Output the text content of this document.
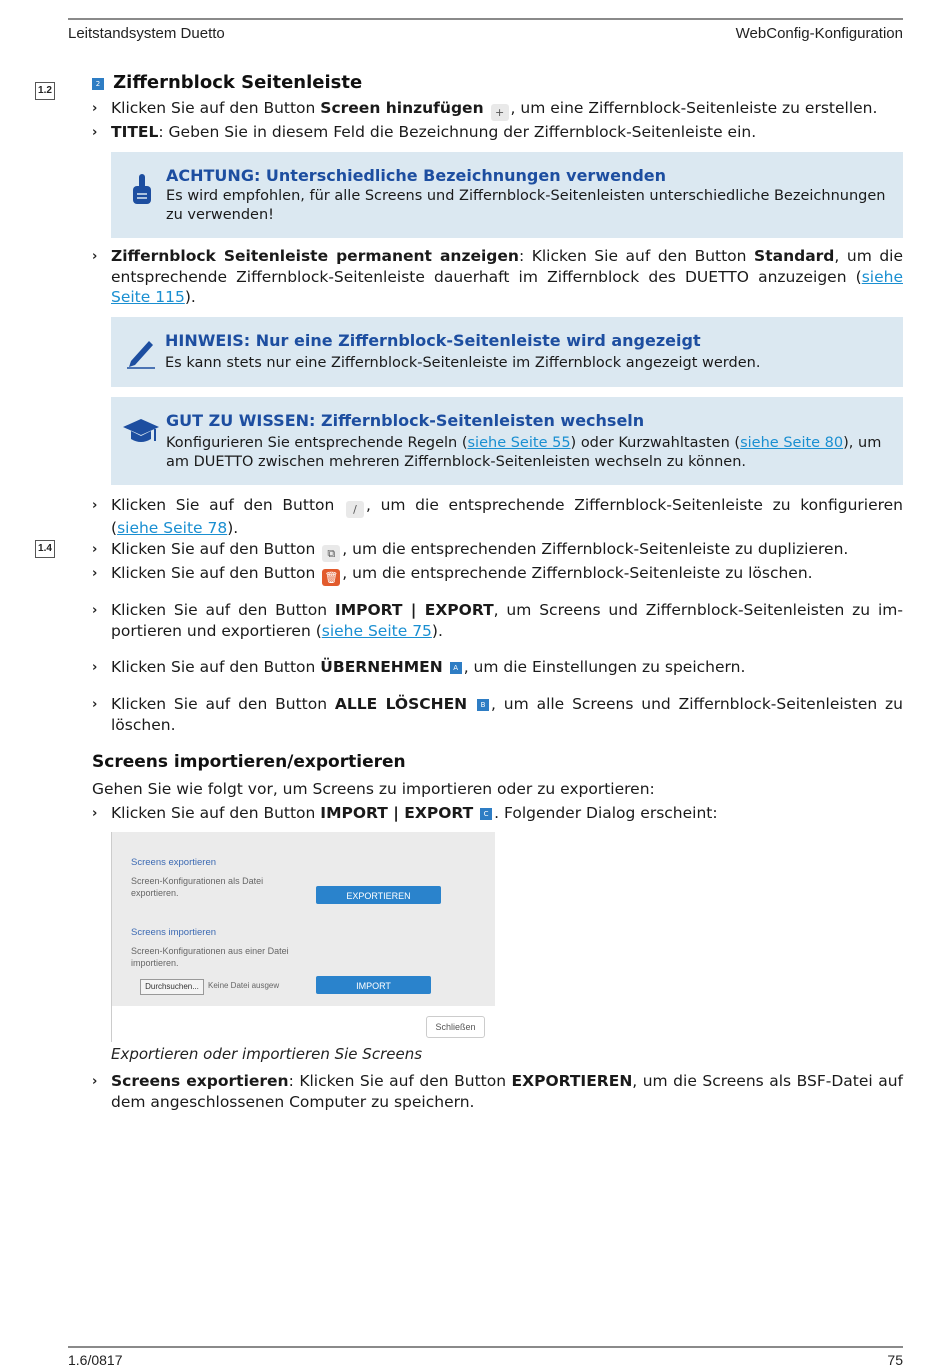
Leitstandsystem Duetto	WebConfig-Konfiguration
1.2
1.4
2 Ziffernblock Seitenleiste
› Klicken Sie auf den Button Screen hinzufügen + , um eine Ziffernblock-Seitenleiste zu erstellen.
› TITEL: Geben Sie in diesem Feld die Bezeichnung der Ziffernblock-Seitenleiste ein.
ACHTUNG: Unterschiedliche Bezeichnungen verwenden
Es wird empfohlen, für alle Screens und Ziffernblock-Seitenleisten unterschiedliche Bezeichnungen zu verwenden!
› Ziffernblock Seitenleiste permanent anzeigen: Klicken Sie auf den Button Standard, um die entsprechende Ziffernblock-Seitenleiste dauerhaft im Ziffernblock des DUETTO anzuzeigen (siehe Seite 115).
HINWEIS: Nur eine Ziffernblock-Seitenleiste wird angezeigt
Es kann stets nur eine Ziffernblock-Seitenleiste im Ziffernblock angezeigt werden.
GUT ZU WISSEN: Ziffernblock-Seitenleisten wechseln
Konfigurieren Sie entsprechende Regeln (siehe Seite 55) oder Kurzwahltasten (siehe Seite 80), um am DUETTO zwischen mehreren Ziffernblock-Seitenleisten wechseln zu können.
› Klicken Sie auf den Button / , um die entsprechende Ziffernblock-Seitenleiste zu konfigurieren (siehe Seite 78).
› Klicken Sie auf den Button ⧉ , um die entsprechenden Ziffernblock-Seitenleiste zu duplizieren.
› Klicken Sie auf den Button 🗑 , um die entsprechende Ziffernblock-Seitenleiste zu löschen.
› Klicken Sie auf den Button IMPORT | EXPORT, um Screens und Ziffernblock-Seitenleisten zu im-portieren und exportieren (siehe Seite 75).
› Klicken Sie auf den Button ÜBERNEHMEN A , um die Einstellungen zu speichern.
› Klicken Sie auf den Button ALLE LÖSCHEN B , um alle Screens und Ziffernblock-Seitenleisten zu löschen.
Screens importieren/exportieren
Gehen Sie wie folgt vor, um Screens zu importieren oder zu exportieren:
› Klicken Sie auf den Button IMPORT | EXPORT C . Folgender Dialog erscheint:
Screens exportieren
Screen-Konfigurationen als Datei exportieren.	EXPORTIEREN
Screens importieren
Screen-Konfigurationen aus einer Datei importieren.
Durchsuchen...	Keine Datei ausgew	IMPORT
Schließen
Exportieren oder importieren Sie Screens
› Screens exportieren: Klicken Sie auf den Button EXPORTIEREN, um die Screens als BSF-Datei auf dem angeschlossenen Computer zu speichern.
1.6/0817	75
